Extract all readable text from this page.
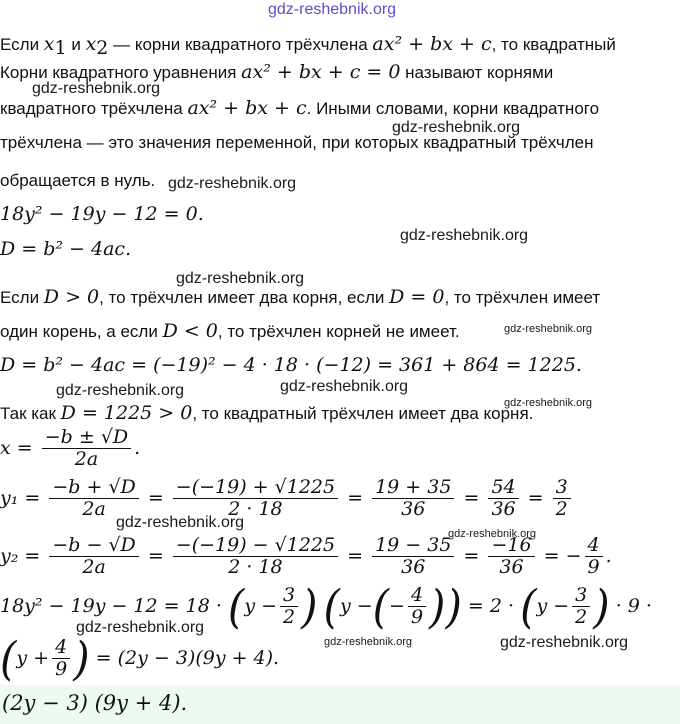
gdz-reshebnik.org
Если $x_1$ и $x_2$ — корни квадратного трёхчлена ax² + bx + c, то квадратный
Корни квадратного уравнения ax² + bx + c = 0 называют корнями
gdz-reshebnik.org
квадратного трёхчлена ax² + bx + c. Иными словами, корни квадратного
gdz-reshebnik.org
трёхчлена — это значения переменной, при которых квадратный трёхчлен
обращается в нуль. gdz-reshebnik.org
18y² − 19y − 12 = 0.
D = b² − 4ac.
gdz-reshebnik.org
gdz-reshebnik.org
Если D > 0, то трёхчлен имеет два корня, если D = 0, то трёхчлен имеет
один корень, а если D < 0, то трёхчлен корней не имеет.	gdz-reshebnik.org
D = b² − 4ac = (−19)² − 4 · 18 · (−12) = 361 + 864 = 1225.
gdz-reshebnik.org	gdz-reshebnik.org
gdz-reshebnik.org
Так как D = 1225 > 0, то квадратный трёхчлен имеет два корня.
$x = \frac{-b \pm √D}{2a}$ .
$y_1 = \frac{-b + √D}{2a} = \frac{-(-19) + √1225}{2 \cdot 18} = \frac{19 + 35}{36} = \frac{54}{36} = \frac{3}{2}$
gdz-reshebnik.org
gdz-reshebnik.org
$y_2 = \frac{-b - √D}{2a} = \frac{-(-19) - √1225}{2 \cdot 18} = \frac{19 - 35}{36} = \frac{-16}{36}$ = − $\frac{4}{9}$ .
$18y^2 - 19y - 12 = 18 \cdot (y - \frac{3}{2}$ ) (y −(− $\frac{4}{9}$ )) = $2 \cdot (y - \frac{3}{2}$ ) · 9 ·
gdz-reshebnik.org
gdz-reshebnik.org	gdz-reshebnik.org
($y + \frac{4}{9}$ ) = (2y − 3)(9y + 4).
(2y − 3) (9y + 4).
